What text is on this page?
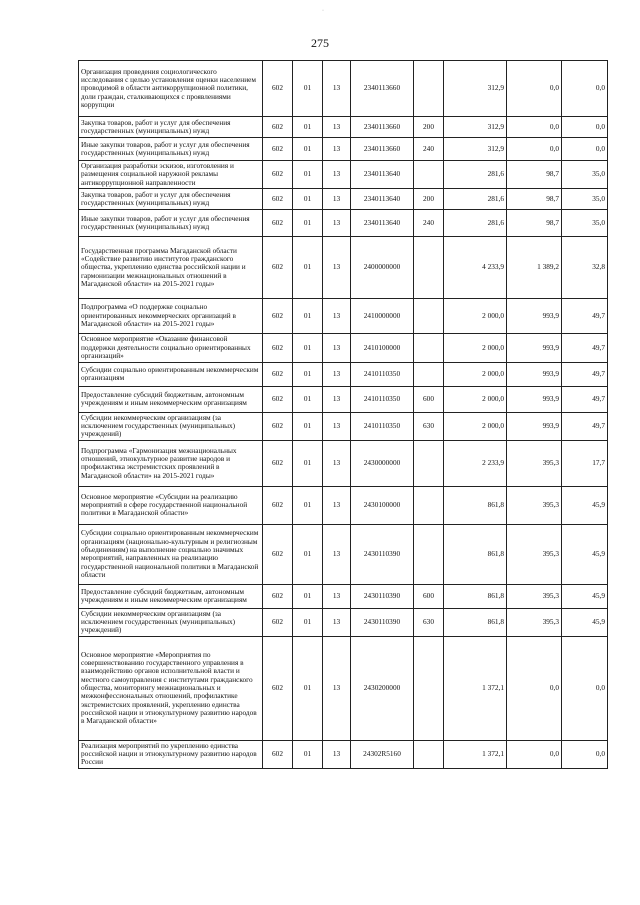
275
Организация проведения социологического исследования с целью установления оценки населением проводимой в области антикоррупционной политики, доли граждан, сталкивающихся с проявлениями коррупции	602	01	13	2340113660		312,9	0,0	0,0
Закупка товаров, работ и услуг для обеспечения государственных (муниципальных) нужд	602	01	13	2340113660	200	312,9	0,0	0,0
Иные закупки товаров, работ и услуг для обеспечения государственных (муниципальных) нужд	602	01	13	2340113660	240	312,9	0,0	0,0
Организация разработки эскизов, изготовления и размещения социальной наружной рекламы антикоррупционной направленности	602	01	13	2340113640		281,6	98,7	35,0
Закупка товаров, работ и услуг для обеспечения государственных (муниципальных) нужд	602	01	13	2340113640	200	281,6	98,7	35,0
Иные закупки товаров, работ и услуг для обеспечения государственных (муниципальных) нужд	602	01	13	2340113640	240	281,6	98,7	35,0
Государственная программа Магаданской области «Содействие развитию институтов гражданского общества, укреплению единства российской нации и гармонизации межнациональных отношений в Магаданской области» на 2015-2021 годы»	602	01	13	2400000000		4 233,9	1 389,2	32,8
Подпрограмма «О поддержке социально ориентированных некоммерческих организаций в Магаданской области» на 2015-2021 годы»	602	01	13	2410000000		2 000,0	993,9	49,7
Основное мероприятие «Оказание финансовой поддержки деятельности социально ориентированных организаций»	602	01	13	2410100000		2 000,0	993,9	49,7
Субсидии социально ориентированным некоммерческим организациям	602	01	13	2410110350		2 000,0	993,9	49,7
Предоставление субсидий бюджетным, автономным учреждениям и иным некоммерческим организациям	602	01	13	2410110350	600	2 000,0	993,9	49,7
Субсидии некоммерческим организациям (за исключением государственных (муниципальных) учреждений)	602	01	13	2410110350	630	2 000,0	993,9	49,7
Подпрограмма «Гармонизация межнациональных отношений, этнокультурное развитие народов и профилактика экстремистских проявлений в Магаданской области» на 2015-2021 годы»	602	01	13	2430000000		2 233,9	395,3	17,7
Основное мероприятие «Субсидии на реализацию мероприятий в сфере государственной национальной политики в Магаданской области»	602	01	13	2430100000		861,8	395,3	45,9
Субсидии социально ориентированным некоммерческим организациям (национально-культурным и религиозным объединениям) на выполнение социально значимых мероприятий, направленных на реализацию государственной национальной политики в Магаданской области	602	01	13	2430110390		861,8	395,3	45,9
Предоставление субсидий бюджетным, автономным учреждениям и иным некоммерческим организациям	602	01	13	2430110390	600	861,8	395,3	45,9
Субсидии некоммерческим организациям (за исключением государственных (муниципальных) учреждений)	602	01	13	2430110390	630	861,8	395,3	45,9
Основное мероприятие «Мероприятия по совершенствованию государственного управления в взаимодействию органов исполнительной власти и местного самоуправления с институтами гражданского общества, мониторингу межнациональных и межконфессиональных отношений, профилактике экстремистских проявлений, укреплению единства российской нации и этнокультурному развитию народов в Магаданской области»	602	01	13	2430200000		1 372,1	0,0	0,0
Реализация мероприятий по укреплению единства российской нации и этнокультурному развитию народов России	602	01	13	24302R5160		1 372,1	0,0	0,0
·
